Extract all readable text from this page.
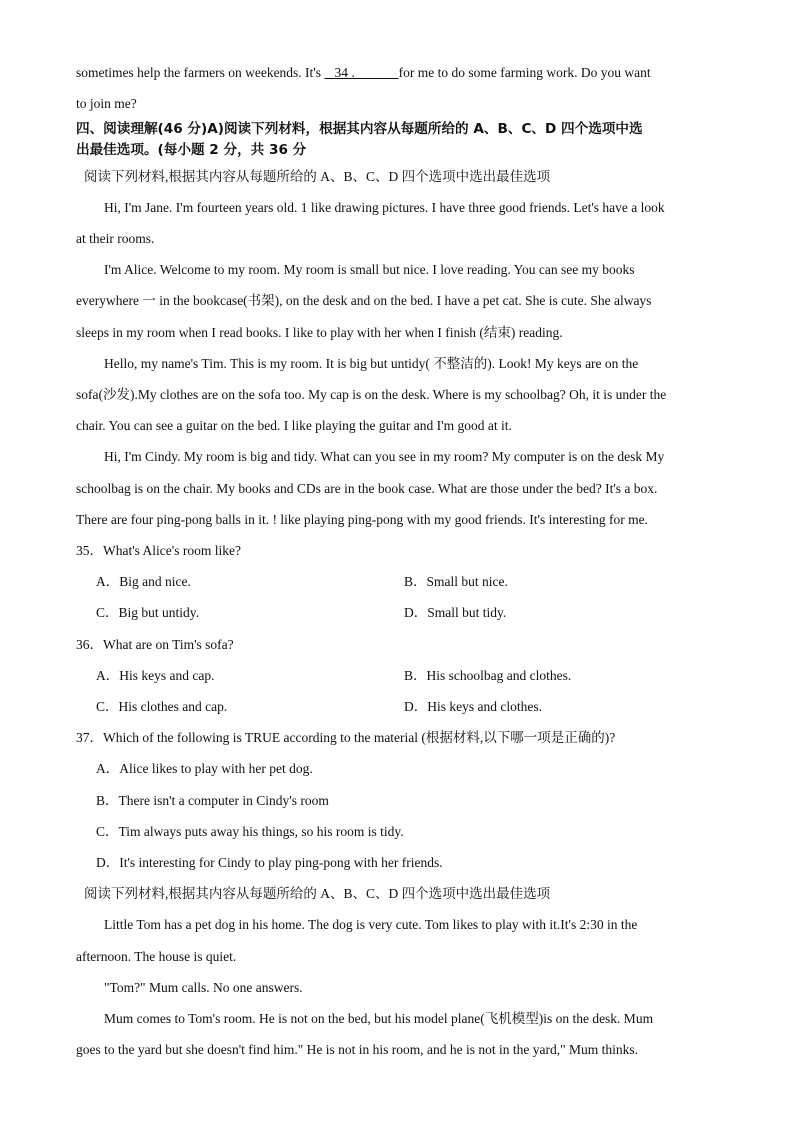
sometimes help the farmers on weekends. It's    34 .             for me to do some farming work. Do you want
to join me?
四、阅读理解(46 分)A)阅读下列材料，根据其内容从每题所给的 A、B、C、D 四个选项中选
出最佳选项。(每小题 2 分，共 36 分
阅读下列材料,根据其内容从每题所给的 A、B、C、D 四个选项中选出最佳选项
Hi, I'm Jane. I'm fourteen years old. 1 like drawing pictures. I have three good friends. Let's have a look
at their rooms.
I'm Alice. Welcome to my room. My room is small but nice. I love reading. You can see my books
everywhere 一 in the bookcase(书架), on the desk and on the bed. I have a pet cat. She is cute. She always
sleeps in my room when I read books. I like to play with her when I finish (结束) reading.
Hello, my name's Tim. This is my room. It is big but untidy( 不整洁的). Look! My keys are on the
sofa(沙发).My clothes are on the sofa too. My cap is on the desk. Where is my schoolbag? Oh, it is under the
chair. You can see a guitar on the bed. I like playing the guitar and I'm good at it.
Hi, I'm Cindy. My room is big and tidy. What can you see in my room? My computer is on the desk My
schoolbag is on the chair. My books and CDs are in the book case. What are those under the bed? It's a box.
There are four ping-pong balls in it. ! like playing ping-pong with my good friends. It's interesting for me.
35．What's Alice's room like?
A．Big and nice.	B．Small but nice.
C．Big but untidy.	D．Small but tidy.
36．What are on Tim's sofa?
A．His keys and cap.	B．His schoolbag and clothes.
C．His clothes and cap.	D．His keys and clothes.
37．Which of the following is TRUE according to the material (根据材料,以下哪一项是正确的)?
A．Alice likes to play with her pet dog.
B．There isn't a computer in Cindy's room
C．Tim always puts away his things, so his room is tidy.
D．It's interesting for Cindy to play ping-pong with her friends.
阅读下列材料,根据其内容从每题所给的 A、B、C、D 四个选项中选出最佳选项
Little Tom has a pet dog in his home. The dog is very cute. Tom likes to play with it.It's 2:30 in the
afternoon. The house is quiet.
"Tom?" Mum calls. No one answers.
Mum comes to Tom's room. He is not on the bed, but his model plane(飞机模型)is on the desk. Mum
goes to the yard but she doesn't find him." He is not in his room, and he is not in the yard," Mum thinks.
